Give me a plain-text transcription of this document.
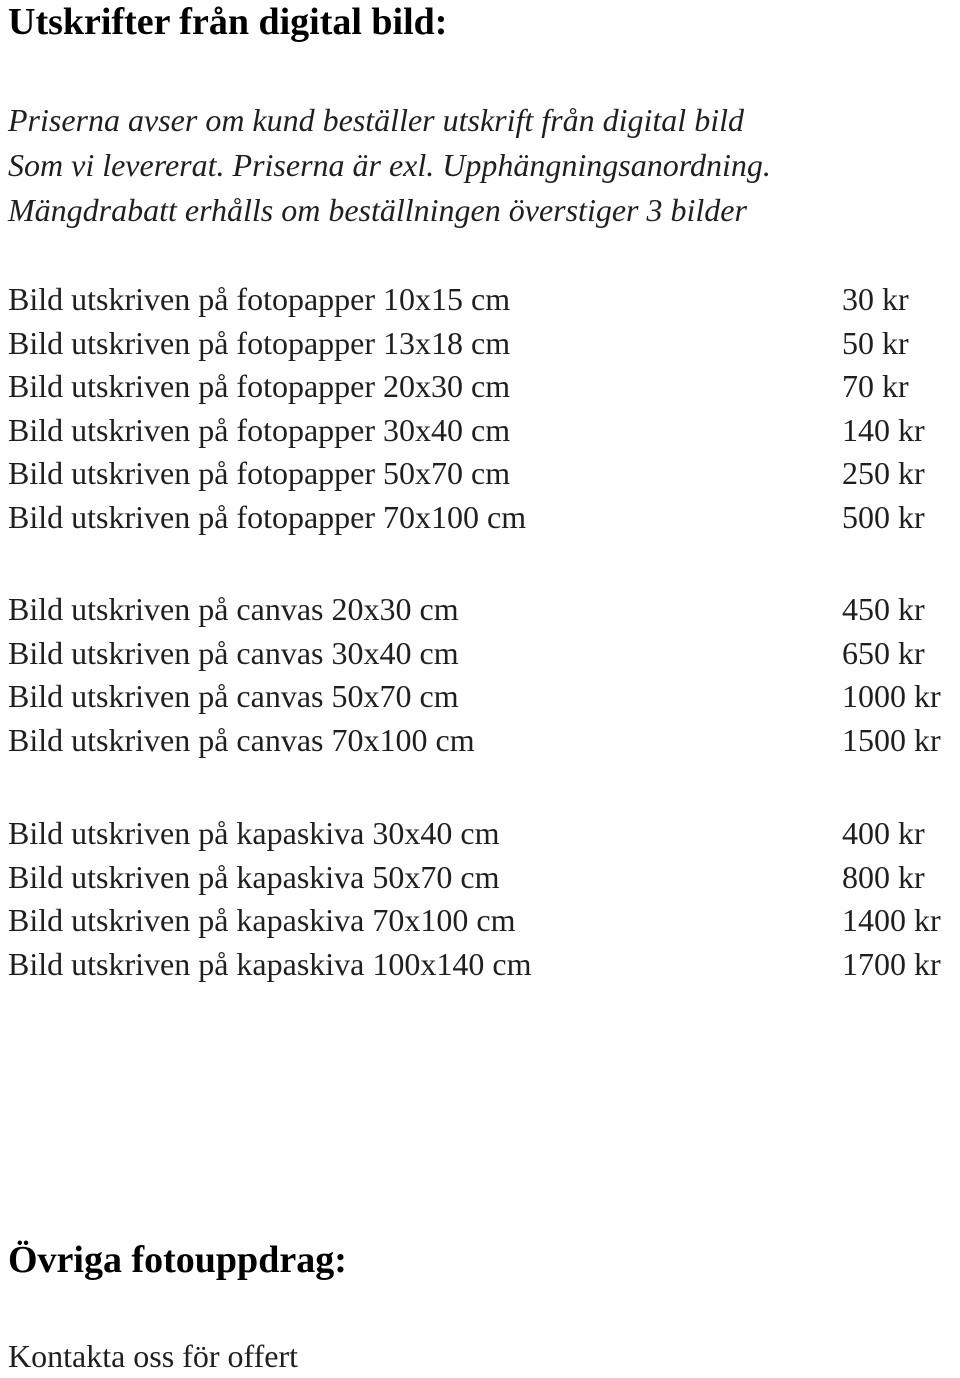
Utskrifter från digital bild:
Priserna avser om kund beställer utskrift från digital bild
Som vi levererat. Priserna är exl. Upphängningsanordning.
Mängdrabatt erhålls om beställningen överstiger 3 bilder
Bild utskriven på fotopapper 10x15 cm	30 kr
Bild utskriven på fotopapper 13x18 cm	50 kr
Bild utskriven på fotopapper 20x30 cm	70 kr
Bild utskriven på fotopapper 30x40 cm	140 kr
Bild utskriven på fotopapper 50x70 cm	250 kr
Bild utskriven på fotopapper 70x100 cm	500 kr
Bild utskriven på canvas 20x30 cm	450 kr
Bild utskriven på canvas 30x40 cm	650 kr
Bild utskriven på canvas 50x70 cm	1000 kr
Bild utskriven på canvas 70x100 cm	1500 kr
Bild utskriven på kapaskiva 30x40 cm	400 kr
Bild utskriven på kapaskiva 50x70 cm	800 kr
Bild utskriven på kapaskiva 70x100 cm	1400 kr
Bild utskriven på kapaskiva 100x140 cm	1700 kr
Övriga fotouppdrag:
Kontakta oss för offert
